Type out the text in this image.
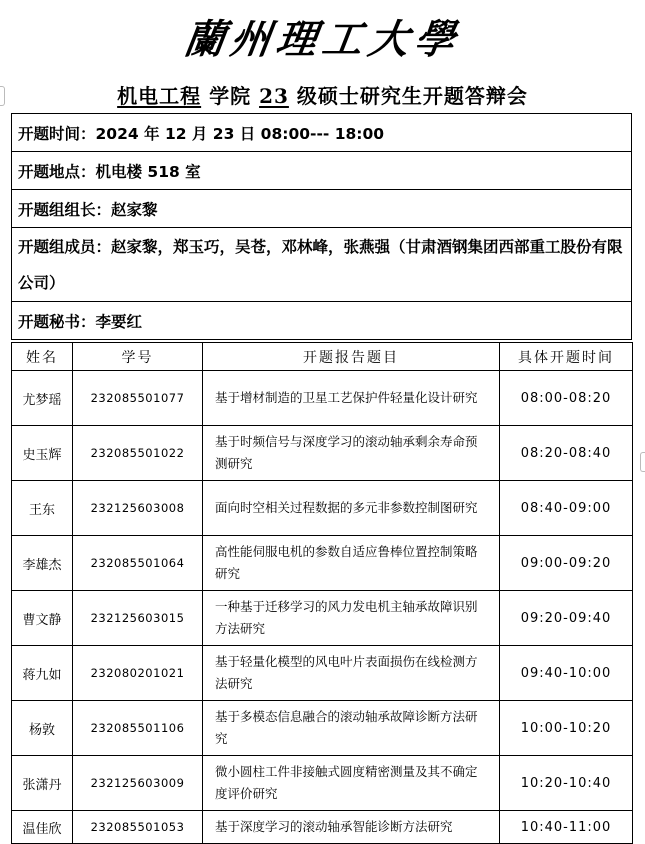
蘭州理工大學
机电工程 学院 23 级硕士研究生开题答辩会
开题时间：2024 年 12 月 23 日 08:00--- 18:00
开题地点：机电楼 518 室
开题组组长：赵家黎
开题组成员：赵家黎，郑玉巧，吴苍，邓林峰，张燕强（甘肃酒钢集团西部重工股份有限公司）
开题秘书：李要红
姓名	学号	开题报告题目	具体开题时间
尤梦瑶	232085501077	基于增材制造的卫星工艺保护件轻量化设计研究	08:00-08:20
史玉辉	232085501022	基于时频信号与深度学习的滚动轴承剩余寿命预测研究	08:20-08:40
王东	232125603008	面向时空相关过程数据的多元非参数控制图研究	08:40-09:00
李雄杰	232085501064	高性能伺服电机的参数自适应鲁棒位置控制策略研究	09:00-09:20
曹文静	232125603015	一种基于迁移学习的风力发电机主轴承故障识别方法研究	09:20-09:40
蒋九如	232080201021	基于轻量化模型的风电叶片表面损伤在线检测方法研究	09:40-10:00
杨敦	232085501106	基于多模态信息融合的滚动轴承故障诊断方法研究	10:00-10:20
张潇丹	232125603009	微小圆柱工件非接触式圆度精密测量及其不确定度评价研究	10:20-10:40
温佳欣	232085501053	基于深度学习的滚动轴承智能诊断方法研究	10:40-11:00
